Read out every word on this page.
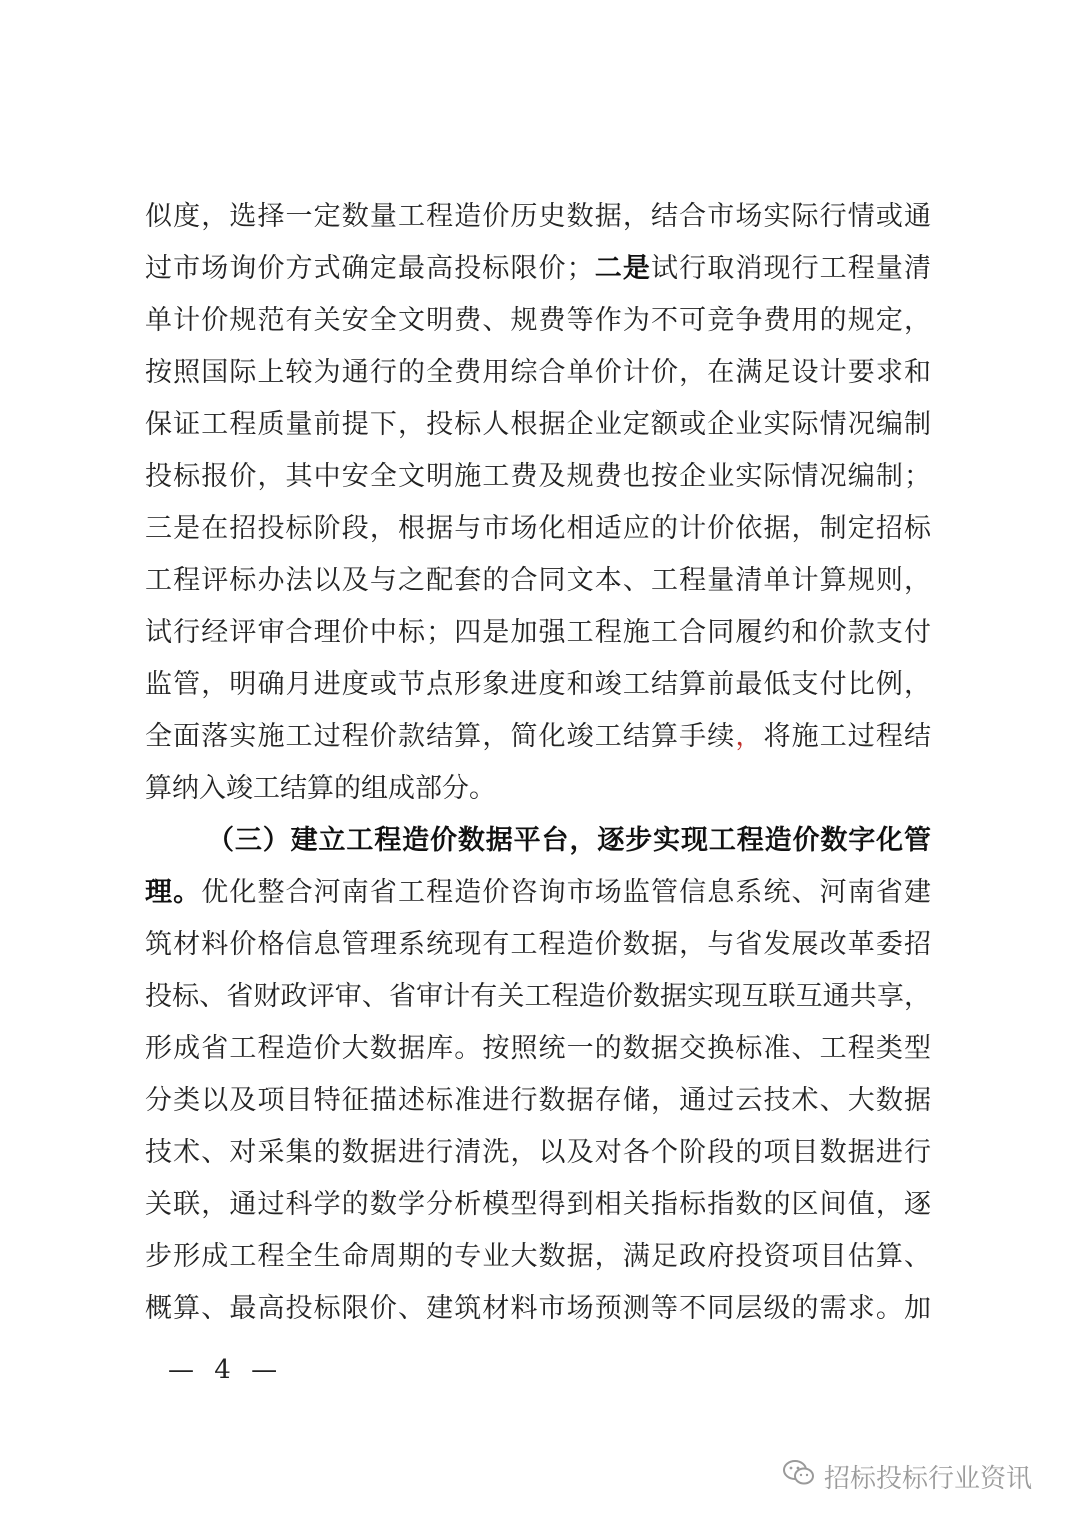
似度，选择一定数量工程造价历史数据，结合市场实际行情或通
过市场询价方式确定最高投标限价；二是试行取消现行工程量清
单计价规范有关安全文明费、规费等作为不可竞争费用的规定，
按照国际上较为通行的全费用综合单价计价，在满足设计要求和
保证工程质量前提下，投标人根据企业定额或企业实际情况编制
投标报价，其中安全文明施工费及规费也按企业实际情况编制；
三是在招投标阶段，根据与市场化相适应的计价依据，制定招标
工程评标办法以及与之配套的合同文本、工程量清单计算规则，
试行经评审合理价中标；四是加强工程施工合同履约和价款支付
监管，明确月进度或节点形象进度和竣工结算前最低支付比例，
全面落实施工过程价款结算，简化竣工结算手续，将施工过程结
算纳入竣工结算的组成部分。
（三）建立工程造价数据平台，逐步实现工程造价数字化管
理。优化整合河南省工程造价咨询市场监管信息系统、河南省建
筑材料价格信息管理系统现有工程造价数据，与省发展改革委招
投标、省财政评审、省审计有关工程造价数据实现互联互通共享，
形成省工程造价大数据库。按照统一的数据交换标准、工程类型
分类以及项目特征描述标准进行数据存储，通过云技术、大数据
技术、对采集的数据进行清洗，以及对各个阶段的项目数据进行
关联，通过科学的数学分析模型得到相关指标指数的区间值，逐
步形成工程全生命周期的专业大数据，满足政府投资项目估算、
概算、最高投标限价、建筑材料市场预测等不同层级的需求。加
— 4 —
招标投标行业资讯
